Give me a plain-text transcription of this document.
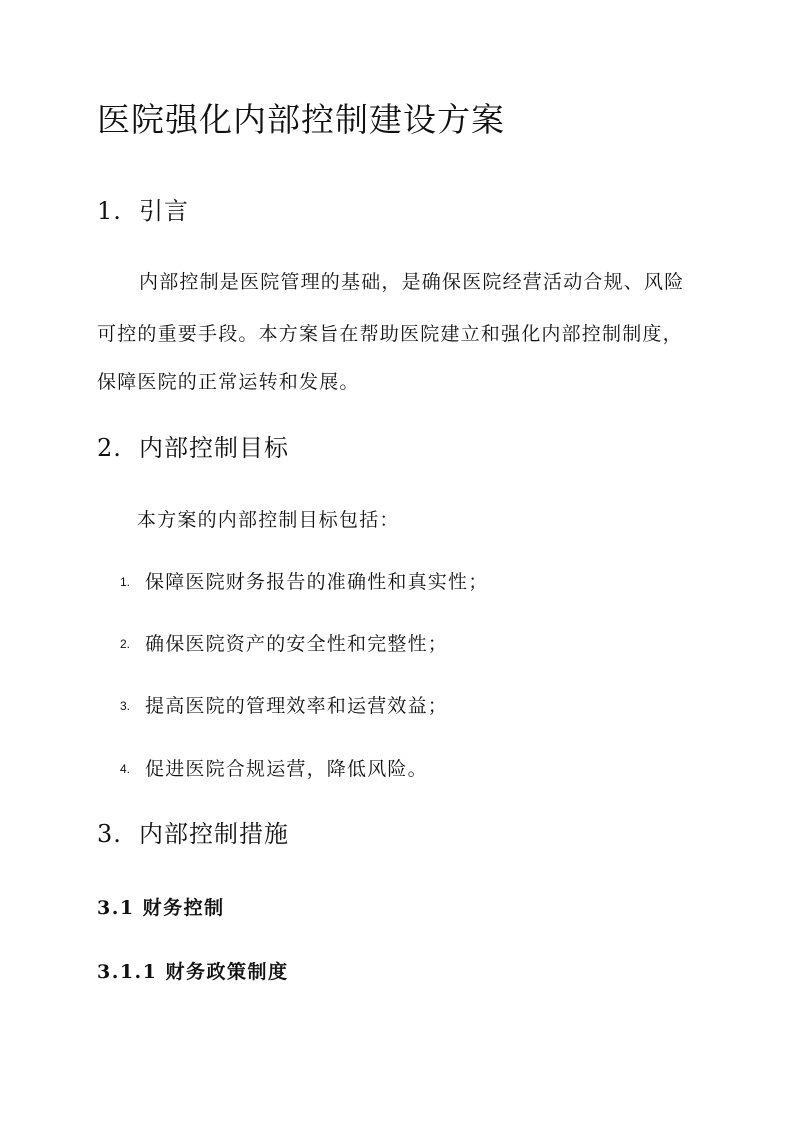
医院强化内部控制建设方案
1. 引言
内部控制是医院管理的基础，是确保医院经营活动合规、风险
可控的重要手段。本方案旨在帮助医院建立和强化内部控制制度，
保障医院的正常运转和发展。
2. 内部控制目标
本方案的内部控制目标包括：
1. 保障医院财务报告的准确性和真实性；
2. 确保医院资产的安全性和完整性；
3. 提高医院的管理效率和运营效益；
4. 促进医院合规运营，降低风险。
3. 内部控制措施
3.1 财务控制
3.1.1 财务政策制度
